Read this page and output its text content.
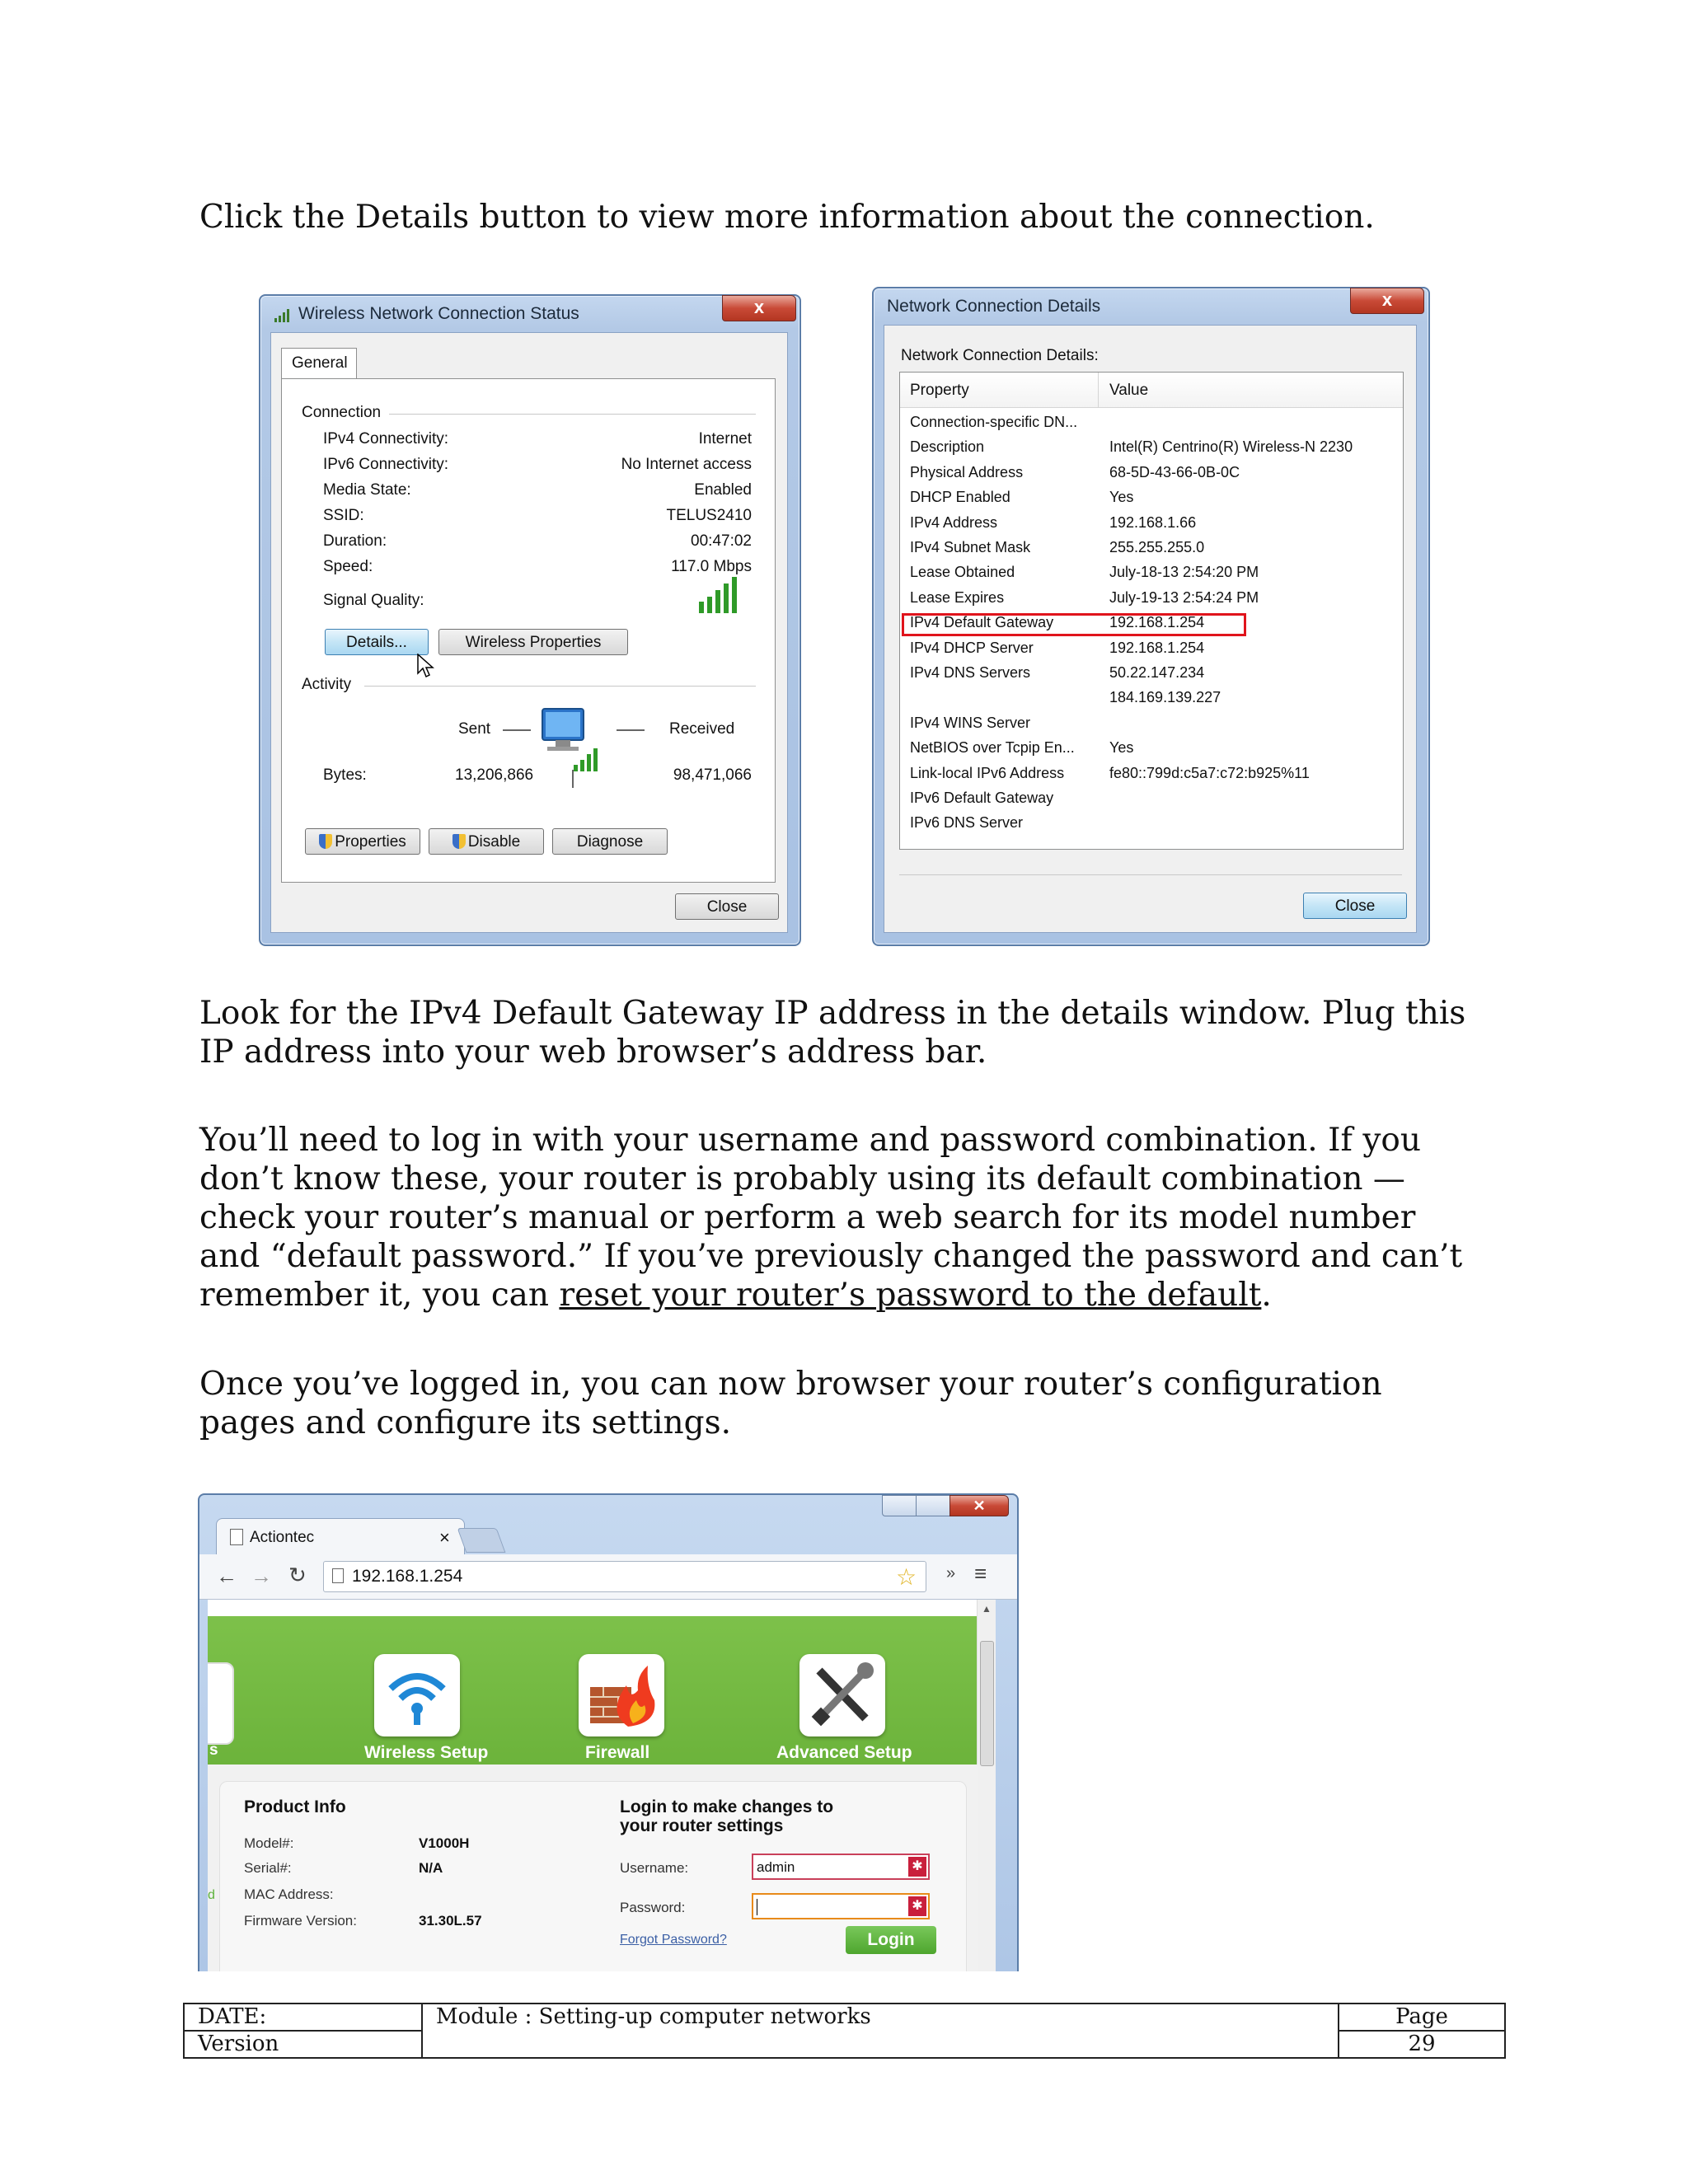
Click the Details button to view more information about the connection.

Wireless Network Connection Status	x
General
Connection
IPv4 Connectivity:	Internet
IPv6 Connectivity:	No Internet access
Media State:	Enabled
SSID:	TELUS2410
Duration:	00:47:02
Speed:	117.0 Mbps
Signal Quality:
Details...	Wireless Properties
Activity
Sent	Received
Bytes:	13,206,866	98,471,066
Properties	Disable	Diagnose
Close
Network Connection Details	x
Network Connection Details:
Property	Value
Connection-specific DN...
Description	Intel(R) Centrino(R) Wireless-N 2230
Physical Address	68-5D-43-66-0B-0C
DHCP Enabled	Yes
IPv4 Address	192.168.1.66
IPv4 Subnet Mask	255.255.255.0
Lease Obtained	July-18-13 2:54:20 PM
Lease Expires	July-19-13 2:54:24 PM
IPv4 Default Gateway	192.168.1.254
IPv4 DHCP Server	192.168.1.254
IPv4 DNS Servers	50.22.147.234
184.169.139.227
IPv4 WINS Server
NetBIOS over Tcpip En... Yes
Link-local IPv6 Address	fe80::799d:c5a7:c72:b925%11
IPv6 Default Gateway
IPv6 DNS Server
Close

Look for the IPv4 Default Gateway IP address in the details window. Plug this IP address into your web browser’s address bar.

You’ll need to log in with your username and password combination. If you don’t know these, your router is probably using its default combination — check your router’s manual or perform a web search for its model number and “default password.” If you’ve previously changed the password and can’t remember it, you can reset your router’s password to the default.

Once you’ve logged in, you can now browser your router’s configuration pages and configure its settings.

✕
Actiontec	×
← → ↻	192.168.1.254	☆ » ≡
s	Wireless Setup	Firewall	Advanced Setup
▲
d
Product Info
Model#:	V1000H
Serial#:	N/A
MAC Address:
Firmware Version:	31.30L.57
Login to make changes to
your router settings
Username:	admin	✱
Password:	✱
Forgot Password?	Login
DATE:	Module : Setting-up computer networks	Page
Version		29
